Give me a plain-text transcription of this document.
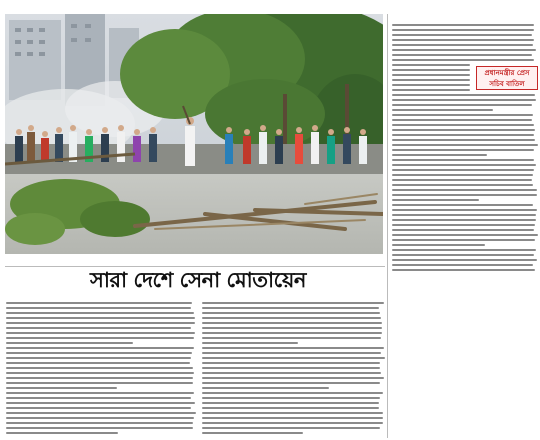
সারা দেশে সেনা মোতায়েন
প্রধানমন্ত্রীর প্রেস
সচিব বাতিল
